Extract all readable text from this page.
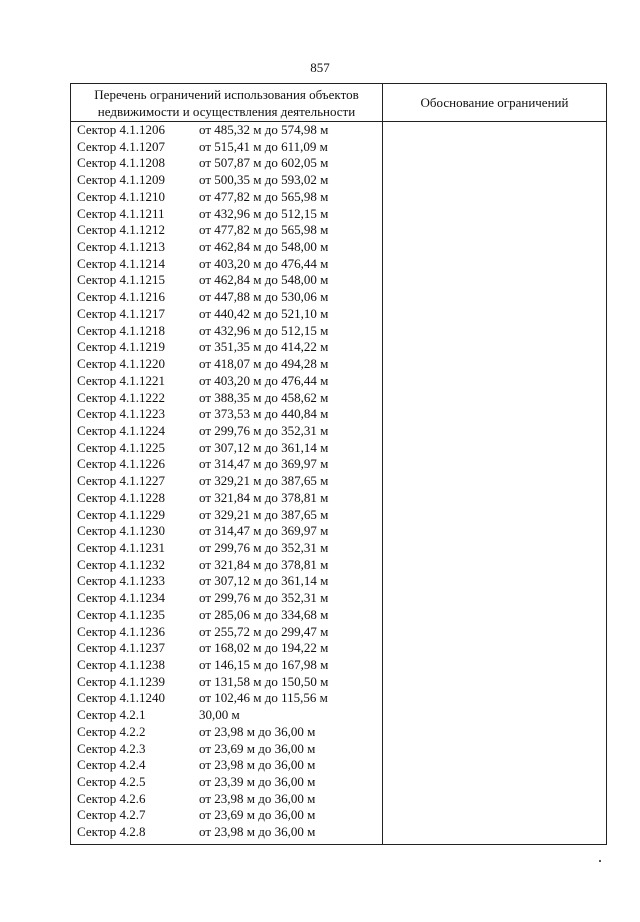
857
Перечень ограничений использования объектов
недвижимости и осуществления деятельности
Обоснование ограничений
Сектор 4.1.1206	от 485,32 м до 574,98 м
Сектор 4.1.1207	от 515,41 м до 611,09 м
Сектор 4.1.1208	от 507,87 м до 602,05 м
Сектор 4.1.1209	от 500,35 м до 593,02 м
Сектор 4.1.1210	от 477,82 м до 565,98 м
Сектор 4.1.1211	от 432,96 м до 512,15 м
Сектор 4.1.1212	от 477,82 м до 565,98 м
Сектор 4.1.1213	от 462,84 м до 548,00 м
Сектор 4.1.1214	от 403,20 м до 476,44 м
Сектор 4.1.1215	от 462,84 м до 548,00 м
Сектор 4.1.1216	от 447,88 м до 530,06 м
Сектор 4.1.1217	от 440,42 м до 521,10 м
Сектор 4.1.1218	от 432,96 м до 512,15 м
Сектор 4.1.1219	от 351,35 м до 414,22 м
Сектор 4.1.1220	от 418,07 м до 494,28 м
Сектор 4.1.1221	от 403,20 м до 476,44 м
Сектор 4.1.1222	от 388,35 м до 458,62 м
Сектор 4.1.1223	от 373,53 м до 440,84 м
Сектор 4.1.1224	от 299,76 м до 352,31 м
Сектор 4.1.1225	от 307,12 м до 361,14 м
Сектор 4.1.1226	от 314,47 м до 369,97 м
Сектор 4.1.1227	от 329,21 м до 387,65 м
Сектор 4.1.1228	от 321,84 м до 378,81 м
Сектор 4.1.1229	от 329,21 м до 387,65 м
Сектор 4.1.1230	от 314,47 м до 369,97 м
Сектор 4.1.1231	от 299,76 м до 352,31 м
Сектор 4.1.1232	от 321,84 м до 378,81 м
Сектор 4.1.1233	от 307,12 м до 361,14 м
Сектор 4.1.1234	от 299,76 м до 352,31 м
Сектор 4.1.1235	от 285,06 м до 334,68 м
Сектор 4.1.1236	от 255,72 м до 299,47 м
Сектор 4.1.1237	от 168,02 м до 194,22 м
Сектор 4.1.1238	от 146,15 м до 167,98 м
Сектор 4.1.1239	от 131,58 м до 150,50 м
Сектор 4.1.1240	от 102,46 м до 115,56 м
Сектор 4.2.1	30,00 м
Сектор 4.2.2	от 23,98 м до 36,00 м
Сектор 4.2.3	от 23,69 м до 36,00 м
Сектор 4.2.4	от 23,98 м до 36,00 м
Сектор 4.2.5	от 23,39 м до 36,00 м
Сектор 4.2.6	от 23,98 м до 36,00 м
Сектор 4.2.7	от 23,69 м до 36,00 м
Сектор 4.2.8	от 23,98 м до 36,00 м
